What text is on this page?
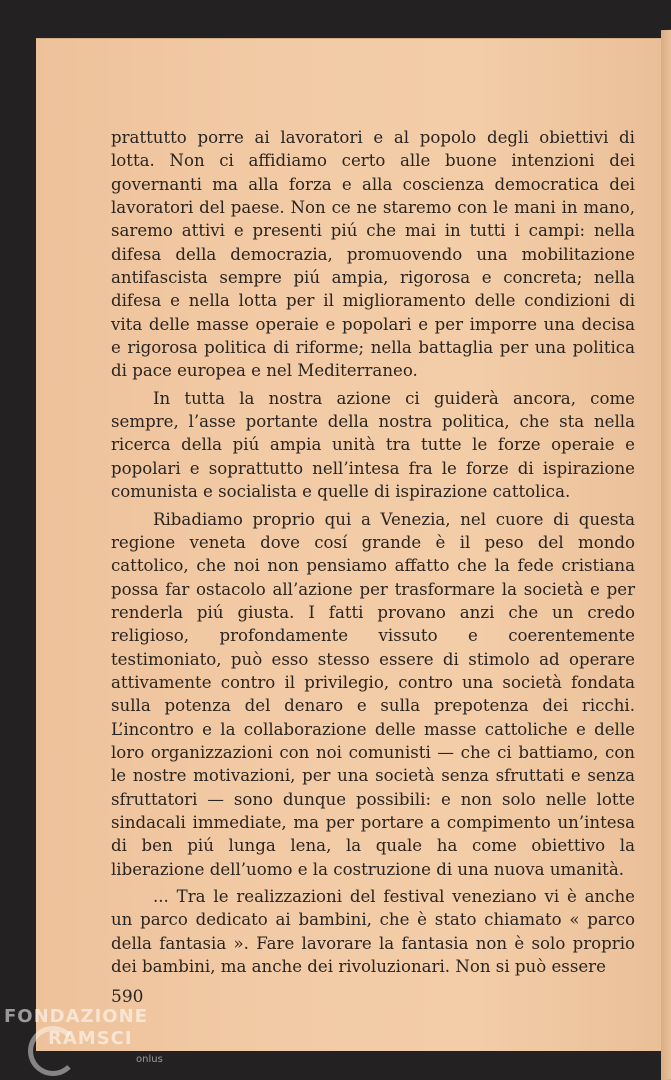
prattutto porre ai lavoratori e al popolo degli obiettivi di lotta. Non ci affidiamo certo alle buone intenzioni dei governanti ma alla forza e alla coscienza democratica dei lavoratori del paese. Non ce ne staremo con le mani in mano, saremo attivi e presenti piú che mai in tutti i campi: nella difesa della democrazia, promuovendo una mobilitazione antifascista sempre piú ampia, rigorosa e concreta; nella difesa e nella lotta per il miglioramento delle condizioni di vita delle masse operaie e popolari e per imporre una decisa e rigorosa politica di riforme; nella battaglia per una politica di pace europea e nel Mediterraneo.

In tutta la nostra azione ci guiderà ancora, come sempre, l’asse portante della nostra politica, che sta nella ricerca della piú ampia unità tra tutte le forze operaie e popolari e soprattutto nell’intesa fra le forze di ispirazione comunista e socialista e quelle di ispirazione cattolica.

Ribadiamo proprio qui a Venezia, nel cuore di questa regione veneta dove cosí grande è il peso del mondo cattolico, che noi non pensiamo affatto che la fede cristiana possa far ostacolo all’azione per trasformare la società e per renderla piú giusta. I fatti provano anzi che un credo religioso, profondamente vissuto e coerentemente testimoniato, può esso stesso essere di stimolo ad operare attivamente contro il privilegio, contro una società fondata sulla potenza del denaro e sulla prepotenza dei ricchi. L’incontro e la collaborazione delle masse cattoliche e delle loro organizzazioni con noi comunisti — che ci battiamo, con le nostre motivazioni, per una società senza sfruttati e senza sfruttatori — sono dunque possibili: e non solo nelle lotte sindacali immediate, ma per portare a compimento un’intesa di ben piú lunga lena, la quale ha come obiettivo la liberazione dell’uomo e la costruzione di una nuova umanità.

... Tra le realizzazioni del festival veneziano vi è anche un parco dedicato ai bambini, che è stato chiamato « parco della fantasia ». Fare lavorare la fantasia non è solo proprio dei bambini, ma anche dei rivoluzionari. Non si può essere

590
FONDAZIONE
RAMSCI
onlus
